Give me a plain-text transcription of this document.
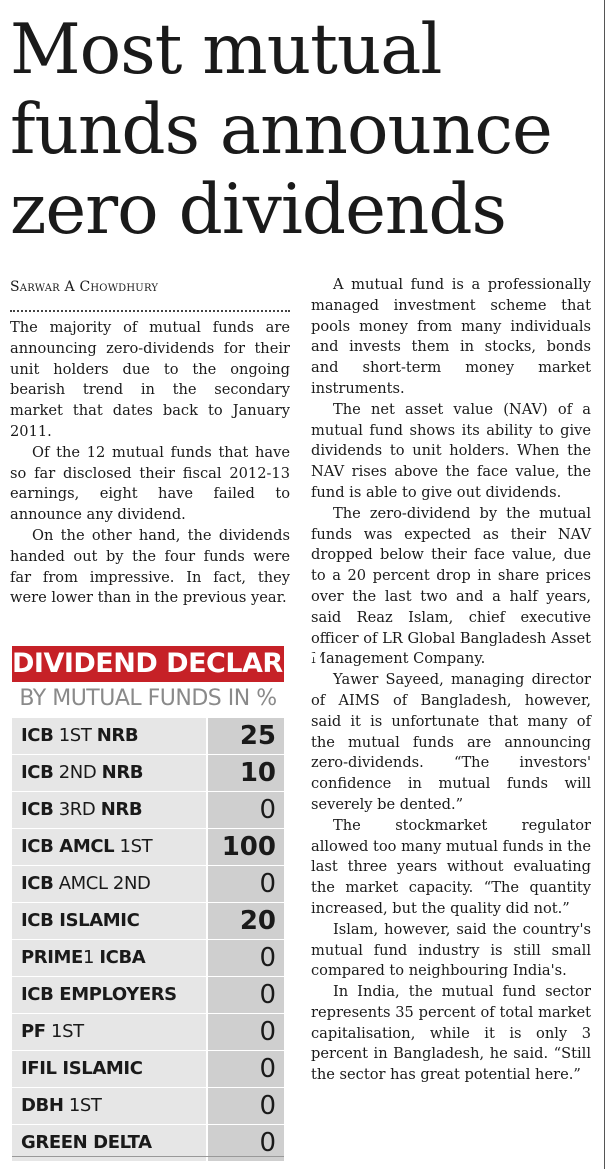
Most mutual
funds announce
zero dividends
Sarwar A Chowdhury

The majority of mutual funds are announcing zero-dividends for their unit holders due to the ongoing bearish trend in the secondary market that dates back to January 2011.

Of the 12 mutual funds that have so far disclosed their fiscal 2012-13 earnings, eight have failed to announce any dividend.

On the other hand, the dividends handed out by the four funds were far from impressive. In fact, they were lower than in the previous year.

A mutual fund is a professionally managed investment scheme that pools money from many individuals and invests them in stocks, bonds and short-term money market instruments.

The net asset value (NAV) of a mutual fund shows its ability to give dividends to unit holders. When the NAV rises above the face value, the fund is able to give out dividends.

The zero-dividend by the mutual funds was expected as their NAV dropped below their face value, due to a 20 percent drop in share prices over the last two and a half years, said Reaz Islam, chief executive officer of LR Global Bangladesh Asset Management Company.

Yawer Sayeed, managing director of AIMS of Bangladesh, however, said it is unfortunate that many of the mutual funds are announcing zero-dividends. “The investors' confidence in mutual funds will severely be dented.”

The stockmarket regulator allowed too many mutual funds in the last three years without evaluating the market capacity. “The quantity increased, but the quality did not.”

Islam, however, said the country's mutual fund industry is still small compared to neighbouring India's.

In India, the mutual fund sector represents 35 percent of total market capitalisation, while it is only 3 percent in Bangladesh, he said. “Still the sector has great potential here.”

DIVIDEND DECLARED
BY MUTUAL FUNDS IN %
ICB 1ST NRB	25
ICB 2ND NRB	10
ICB 3RD NRB	0
ICB AMCL 1ST	100
ICB AMCL 2ND	0
ICB ISLAMIC	20
PRIME1 ICBA	0
ICB EMPLOYERS	0
PF 1ST	0
IFIL ISLAMIC	0
DBH 1ST	0
GREEN DELTA	0
